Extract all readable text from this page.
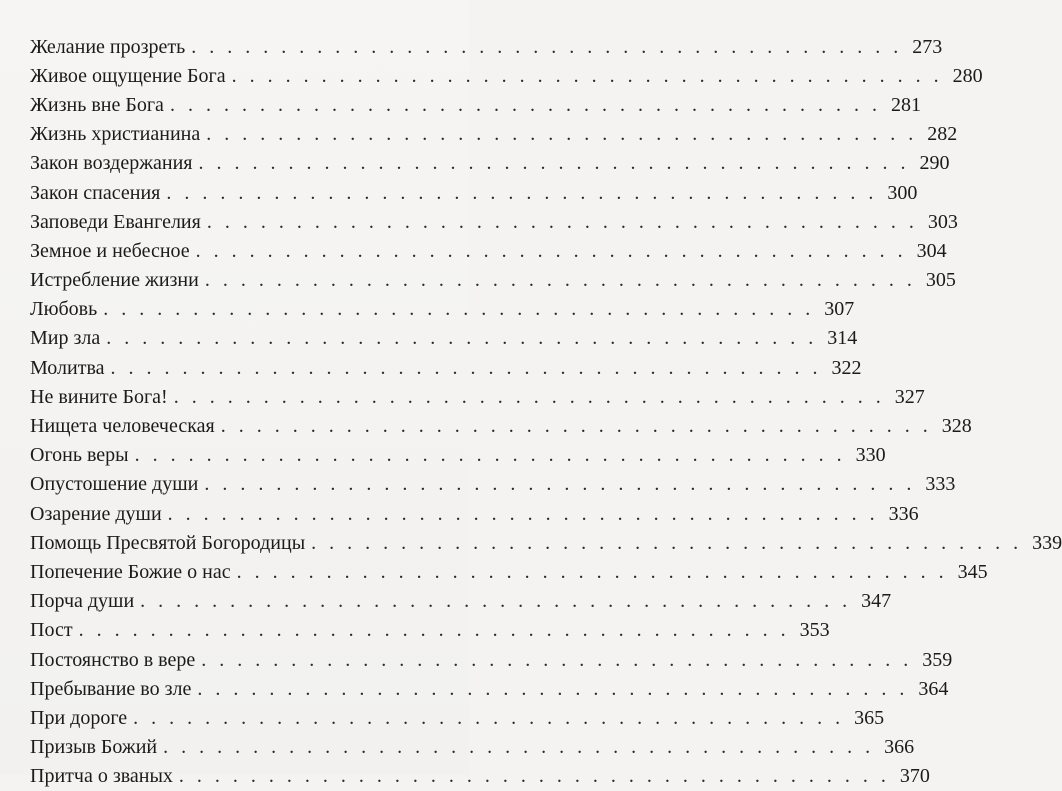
Желание прозреть . . . . . . . . . . . . . . . . . . . . . . . . . . . . . . . . . . . . . . . . 273
Живое ощущение Бога . . . . . . . . . . . . . . . . . . . . . . . . . . . . . . . . . . . . . . . . 280
Жизнь вне Бога . . . . . . . . . . . . . . . . . . . . . . . . . . . . . . . . . . . . . . . . 281
Жизнь христианина . . . . . . . . . . . . . . . . . . . . . . . . . . . . . . . . . . . . . . . . 282
Закон воздержания . . . . . . . . . . . . . . . . . . . . . . . . . . . . . . . . . . . . . . . . 290
Закон спасения . . . . . . . . . . . . . . . . . . . . . . . . . . . . . . . . . . . . . . . . 300
Заповеди Евангелия . . . . . . . . . . . . . . . . . . . . . . . . . . . . . . . . . . . . . . . . 303
Земное и небесное . . . . . . . . . . . . . . . . . . . . . . . . . . . . . . . . . . . . . . . . 304
Истребление жизни . . . . . . . . . . . . . . . . . . . . . . . . . . . . . . . . . . . . . . . . 305
Любовь . . . . . . . . . . . . . . . . . . . . . . . . . . . . . . . . . . . . . . . . 307
Мир зла . . . . . . . . . . . . . . . . . . . . . . . . . . . . . . . . . . . . . . . . 314
Молитва . . . . . . . . . . . . . . . . . . . . . . . . . . . . . . . . . . . . . . . . 322
Не вините Бога! . . . . . . . . . . . . . . . . . . . . . . . . . . . . . . . . . . . . . . . . 327
Нищета человеческая . . . . . . . . . . . . . . . . . . . . . . . . . . . . . . . . . . . . . . . . 328
Огонь веры . . . . . . . . . . . . . . . . . . . . . . . . . . . . . . . . . . . . . . . . 330
Опустошение души . . . . . . . . . . . . . . . . . . . . . . . . . . . . . . . . . . . . . . . . 333
Озарение души . . . . . . . . . . . . . . . . . . . . . . . . . . . . . . . . . . . . . . . . 336
Помощь Пресвятой Богородицы . . . . . . . . . . . . . . . . . . . . . . . . . . . . . . . . . . . . . . . . 339
Попечение Божие о нас . . . . . . . . . . . . . . . . . . . . . . . . . . . . . . . . . . . . . . . . 345
Порча души . . . . . . . . . . . . . . . . . . . . . . . . . . . . . . . . . . . . . . . . 347
Пост . . . . . . . . . . . . . . . . . . . . . . . . . . . . . . . . . . . . . . . . 353
Постоянство в вере . . . . . . . . . . . . . . . . . . . . . . . . . . . . . . . . . . . . . . . . 359
Пребывание во зле . . . . . . . . . . . . . . . . . . . . . . . . . . . . . . . . . . . . . . . . 364
При дороге . . . . . . . . . . . . . . . . . . . . . . . . . . . . . . . . . . . . . . . . 365
Призыв Божий . . . . . . . . . . . . . . . . . . . . . . . . . . . . . . . . . . . . . . . . 366
Притча о званых . . . . . . . . . . . . . . . . . . . . . . . . . . . . . . . . . . . . . . . . 370
